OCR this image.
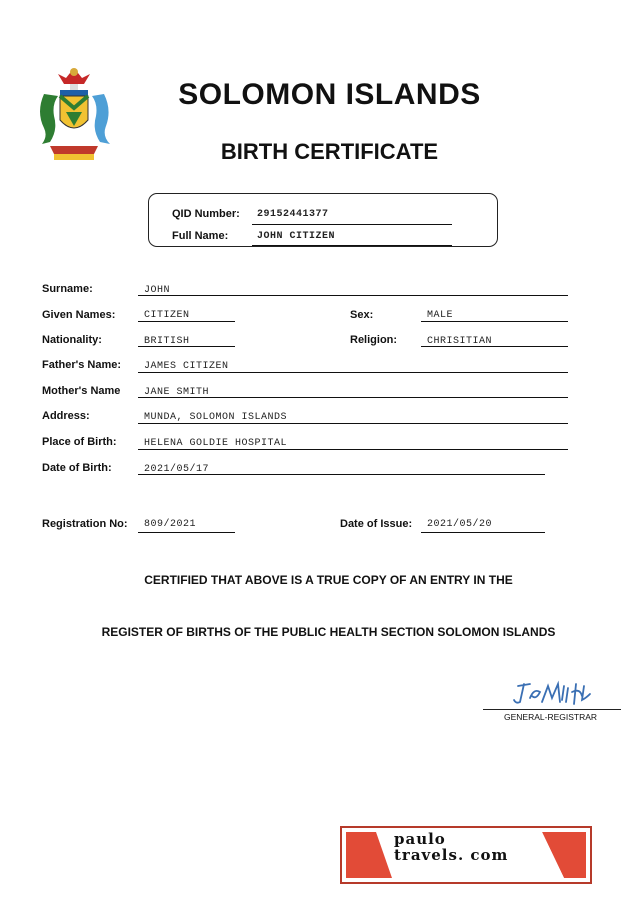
SOLOMON ISLANDS
BIRTH CERTIFICATE
QID Number: 29152441377
Full Name:	JOHN CITIZEN
Surname:	JOHN
Given Names:	CITIZEN	Sex:	MALE
Nationality:	BRITISH	Religion:	CHRISITIAN
Father's Name: JAMES CITIZEN
Mother's Name JANE SMITH
Address:	MUNDA, SOLOMON ISLANDS
Place of Birth:	HELENA GOLDIE HOSPITAL
Date of Birth:	2021/05/17
Registration No: 809/2021	Date of Issue: 2021/05/20
CERTIFIED THAT ABOVE IS A TRUE COPY OF AN ENTRY IN THE
REGISTER OF BIRTHS OF THE PUBLIC HEALTH SECTION SOLOMON ISLANDS
GENERAL-REGISTRAR
paulo travels. com
